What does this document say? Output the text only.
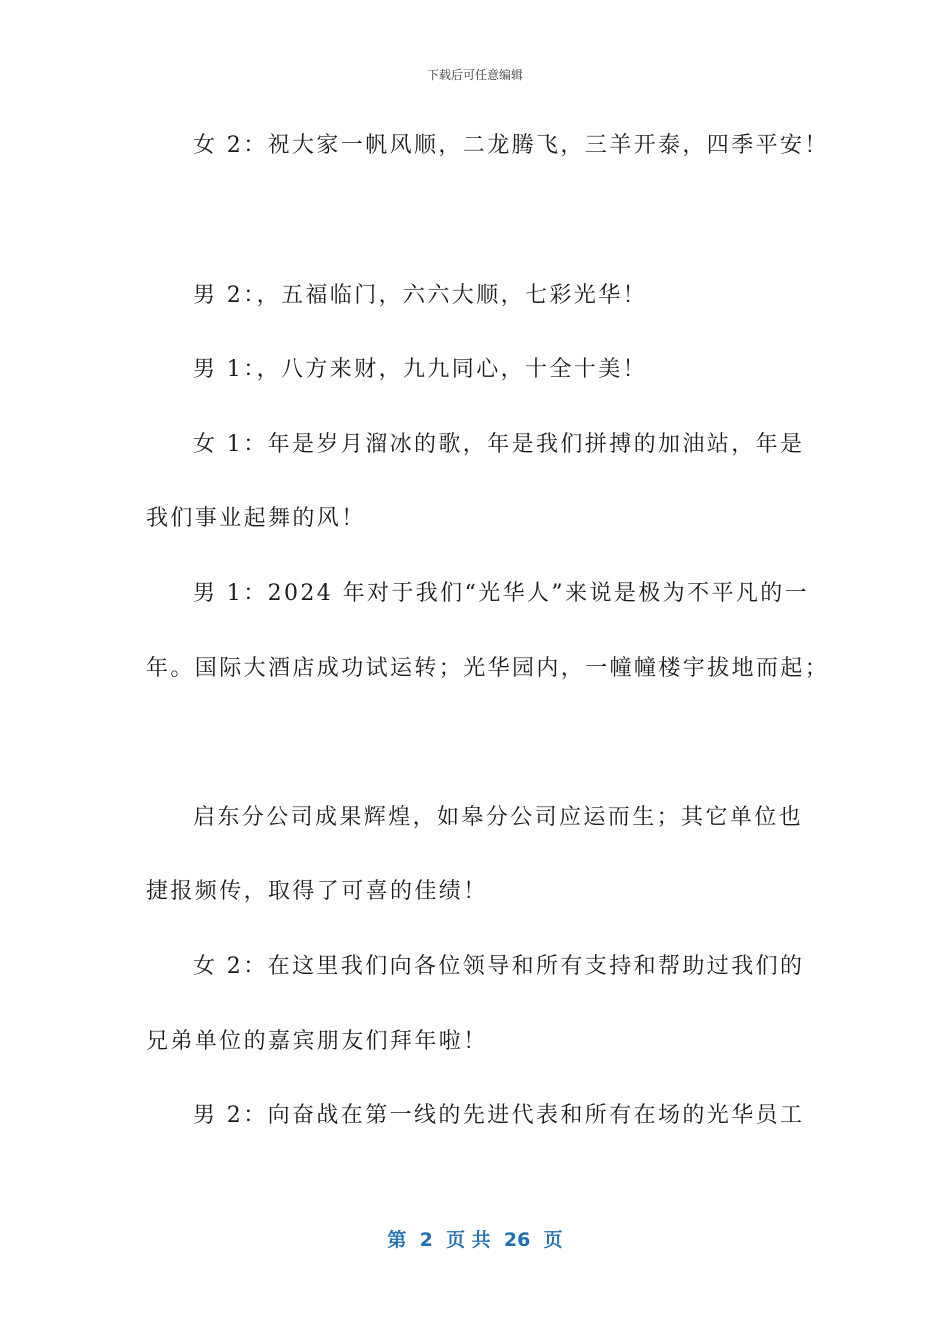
下载后可任意编辑
女 2：祝大家一帆风顺，二龙腾飞，三羊开泰，四季平安！
男 2：，五福临门，六六大顺，七彩光华！
男 1：，八方来财，九九同心，十全十美！
女 1：年是岁月溜冰的歌，年是我们拼搏的加油站，年是
我们事业起舞的风！
男 1：2024 年对于我们“光华人”来说是极为不平凡的一
年。国际大酒店成功试运转；光华园内，一幢幢楼宇拔地而起；
启东分公司成果辉煌，如皋分公司应运而生；其它单位也
捷报频传，取得了可喜的佳绩！
女 2：在这里我们向各位领导和所有支持和帮助过我们的
兄弟单位的嘉宾朋友们拜年啦！
男 2：向奋战在第一线的先进代表和所有在场的光华员工
第  2  页 共  26  页
